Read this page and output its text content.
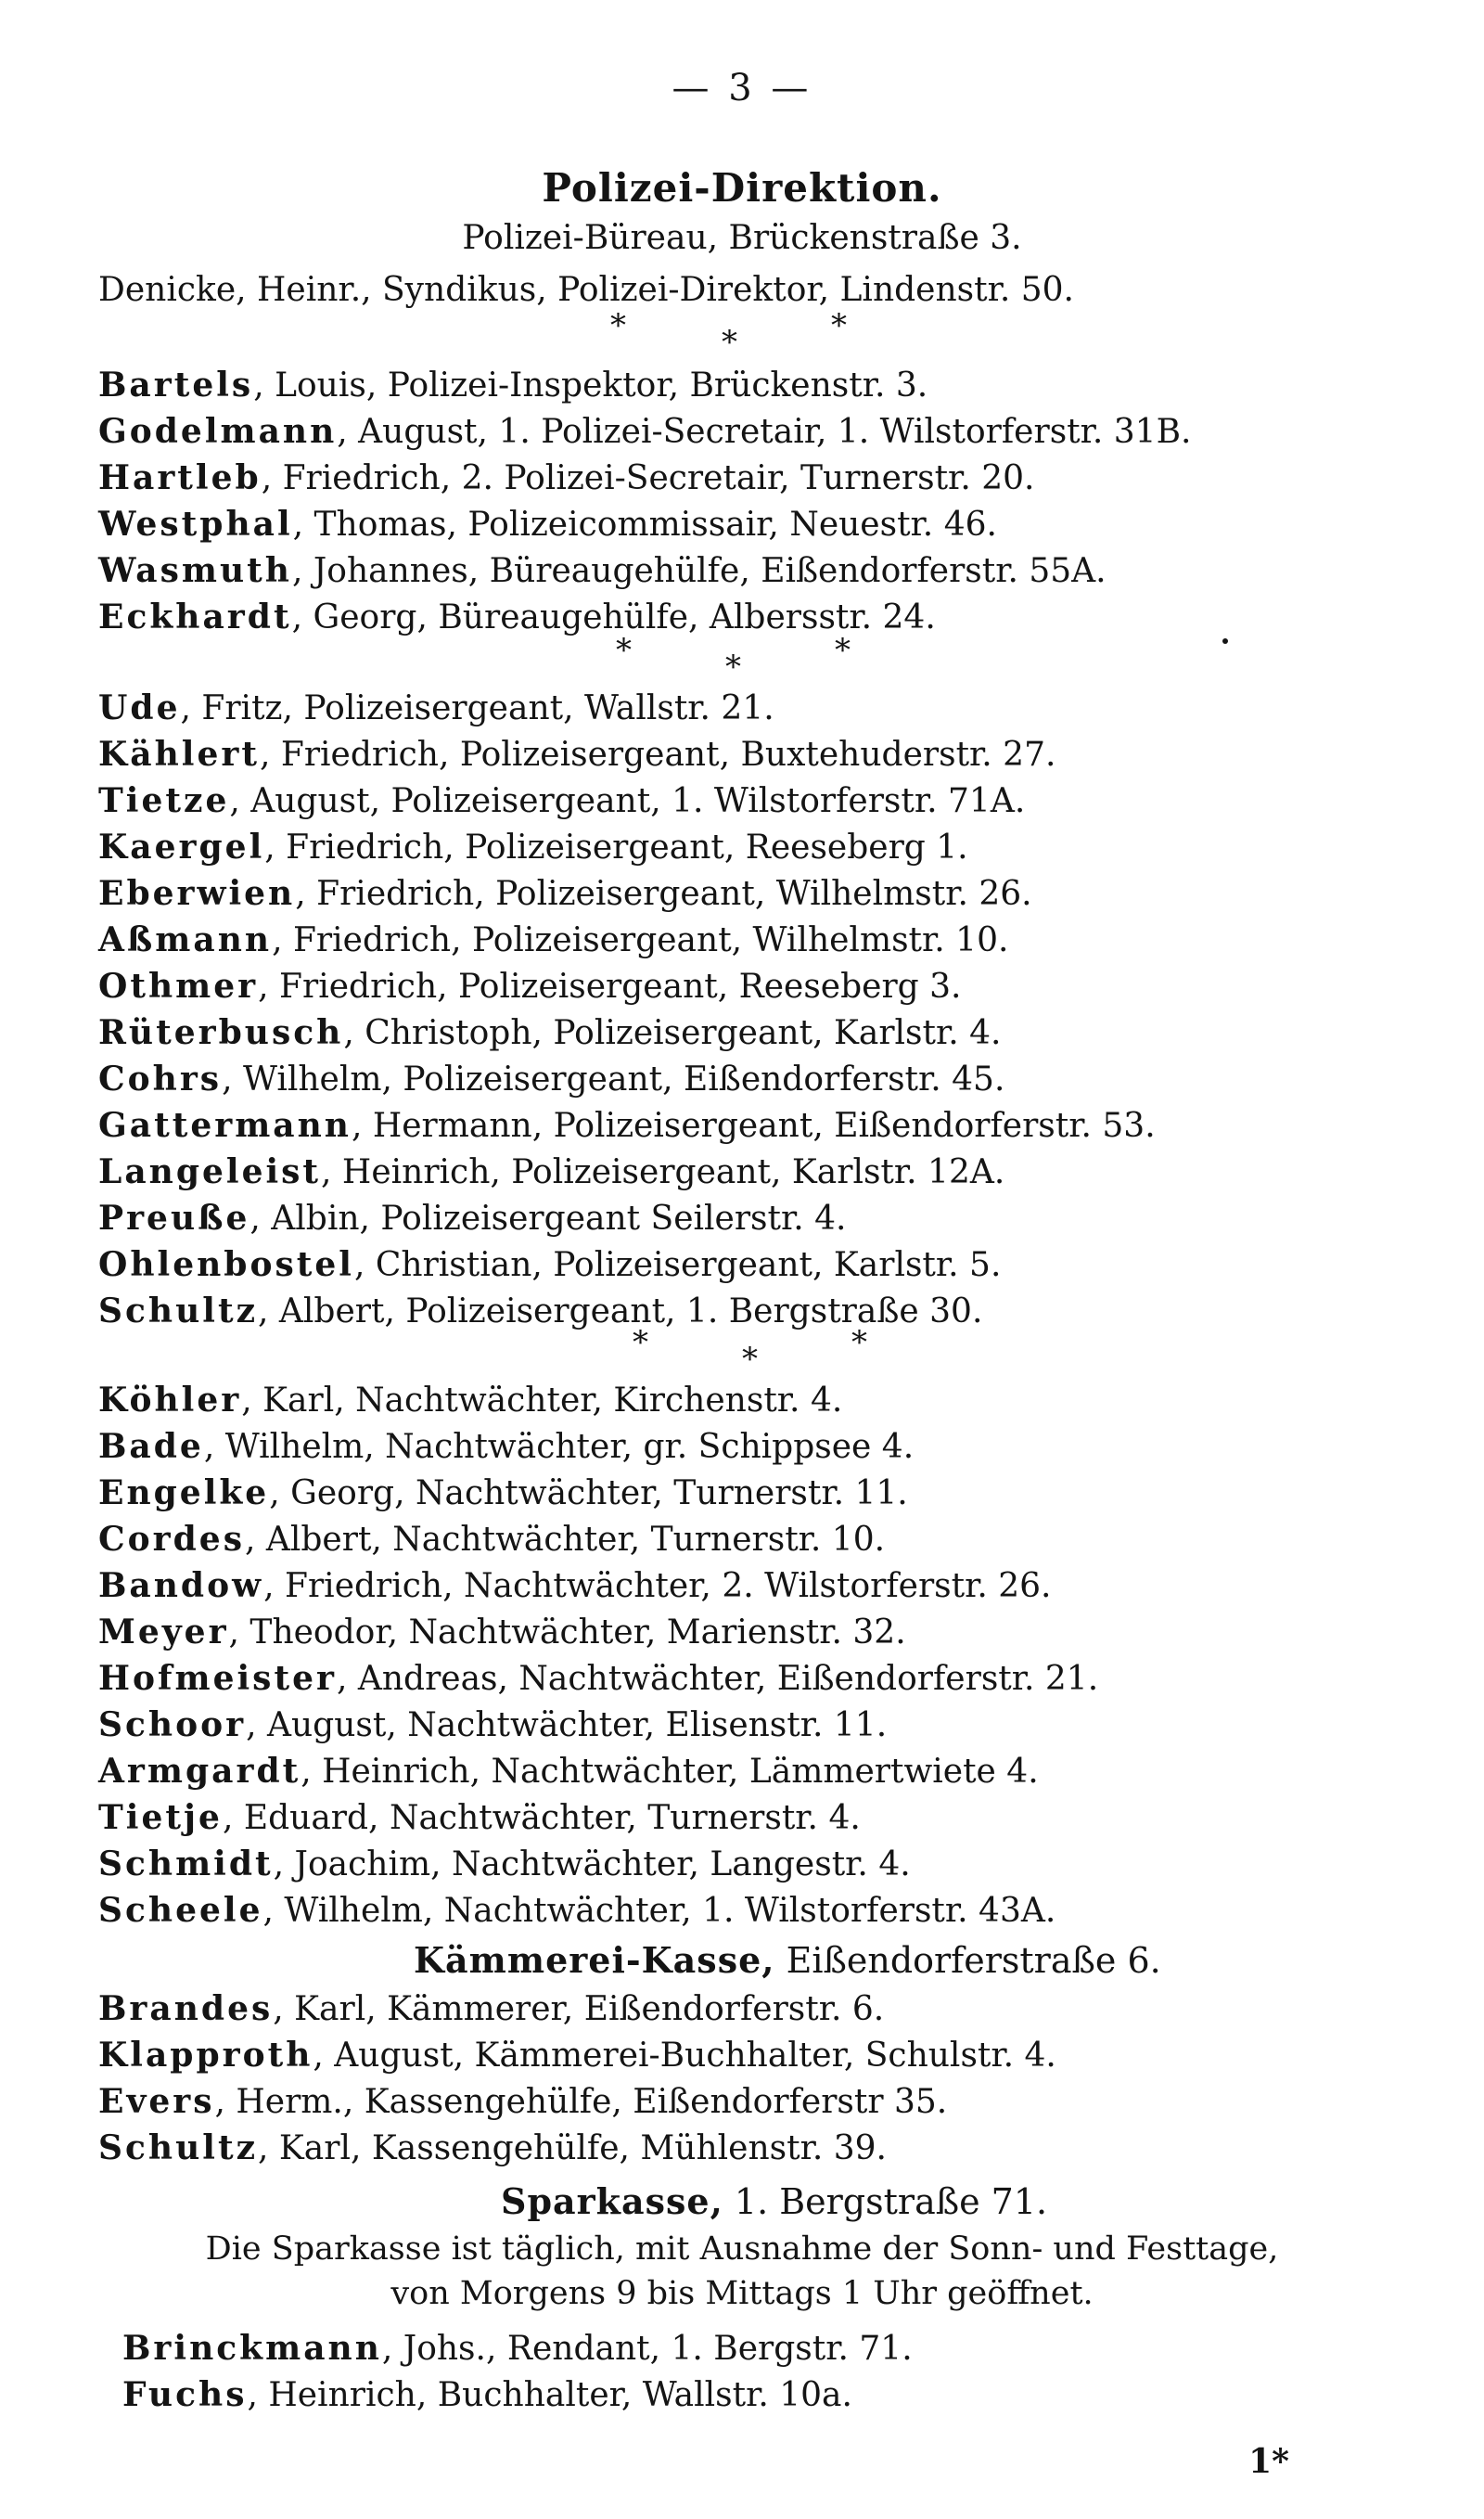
— 3 —

Polizei-Direktion.

Polizei-Büreau, Brückenstraße 3.

Denicke, Heinr., Syndikus, Polizei-Direktor, Lindenstr. 50.

*	*	*

Bartels, Louis, Polizei-Inspektor, Brückenstr. 3.

Godelmann, August, 1. Polizei-Secretair, 1. Wilstorferstr. 31B.

Hartleb, Friedrich, 2. Polizei-Secretair, Turnerstr. 20.

Westphal, Thomas, Polizeicommissair, Neuestr. 46.

Wasmuth, Johannes, Büreaugehülfe, Eißendorferstr. 55A.

Eckhardt, Georg, Büreaugehülfe, Albersstr. 24.

*	*	*

Ude, Fritz, Polizeisergeant, Wallstr. 21.

Kählert, Friedrich, Polizeisergeant, Buxtehuderstr. 27.

Tietze, August, Polizeisergeant, 1. Wilstorferstr. 71A.

Kaergel, Friedrich, Polizeisergeant, Reeseberg 1.

Eberwien, Friedrich, Polizeisergeant, Wilhelmstr. 26.

Aßmann, Friedrich, Polizeisergeant, Wilhelmstr. 10.

Othmer, Friedrich, Polizeisergeant, Reeseberg 3.

Rüterbusch, Christoph, Polizeisergeant, Karlstr. 4.

Cohrs, Wilhelm, Polizeisergeant, Eißendorferstr. 45.

Gattermann, Hermann, Polizeisergeant, Eißendorferstr. 53.

Langeleist, Heinrich, Polizeisergeant, Karlstr. 12A.

Preuße, Albin, Polizeisergeant Seilerstr. 4.

Ohlenbostel, Christian, Polizeisergeant, Karlstr. 5.

Schultz, Albert, Polizeisergeant, 1. Bergstraße 30.

*	*	*

Köhler, Karl, Nachtwächter, Kirchenstr. 4.

Bade, Wilhelm, Nachtwächter, gr. Schippsee 4.

Engelke, Georg, Nachtwächter, Turnerstr. 11.

Cordes, Albert, Nachtwächter, Turnerstr. 10.

Bandow, Friedrich, Nachtwächter, 2. Wilstorferstr. 26.

Meyer, Theodor, Nachtwächter, Marienstr. 32.

Hofmeister, Andreas, Nachtwächter, Eißendorferstr. 21.

Schoor, August, Nachtwächter, Elisenstr. 11.

Armgardt, Heinrich, Nachtwächter, Lämmertwiete 4.

Tietje, Eduard, Nachtwächter, Turnerstr. 4.

Schmidt, Joachim, Nachtwächter, Langestr. 4.

Scheele, Wilhelm, Nachtwächter, 1. Wilstorferstr. 43A.

Kämmerei-Kasse, Eißendorferstraße 6.

Brandes, Karl, Kämmerer, Eißendorferstr. 6.

Klapproth, August, Kämmerei-Buchhalter, Schulstr. 4.

Evers, Herm., Kassengehülfe, Eißendorferstr 35.

Schultz, Karl, Kassengehülfe, Mühlenstr. 39.

Sparkasse, 1. Bergstraße 71.

Die Sparkasse ist täglich, mit Ausnahme der Sonn- und Festtage,

von Morgens 9 bis Mittags 1 Uhr geöffnet.

Brinckmann, Johs., Rendant, 1. Bergstr. 71.

Fuchs, Heinrich, Buchhalter, Wallstr. 10a.

1*
